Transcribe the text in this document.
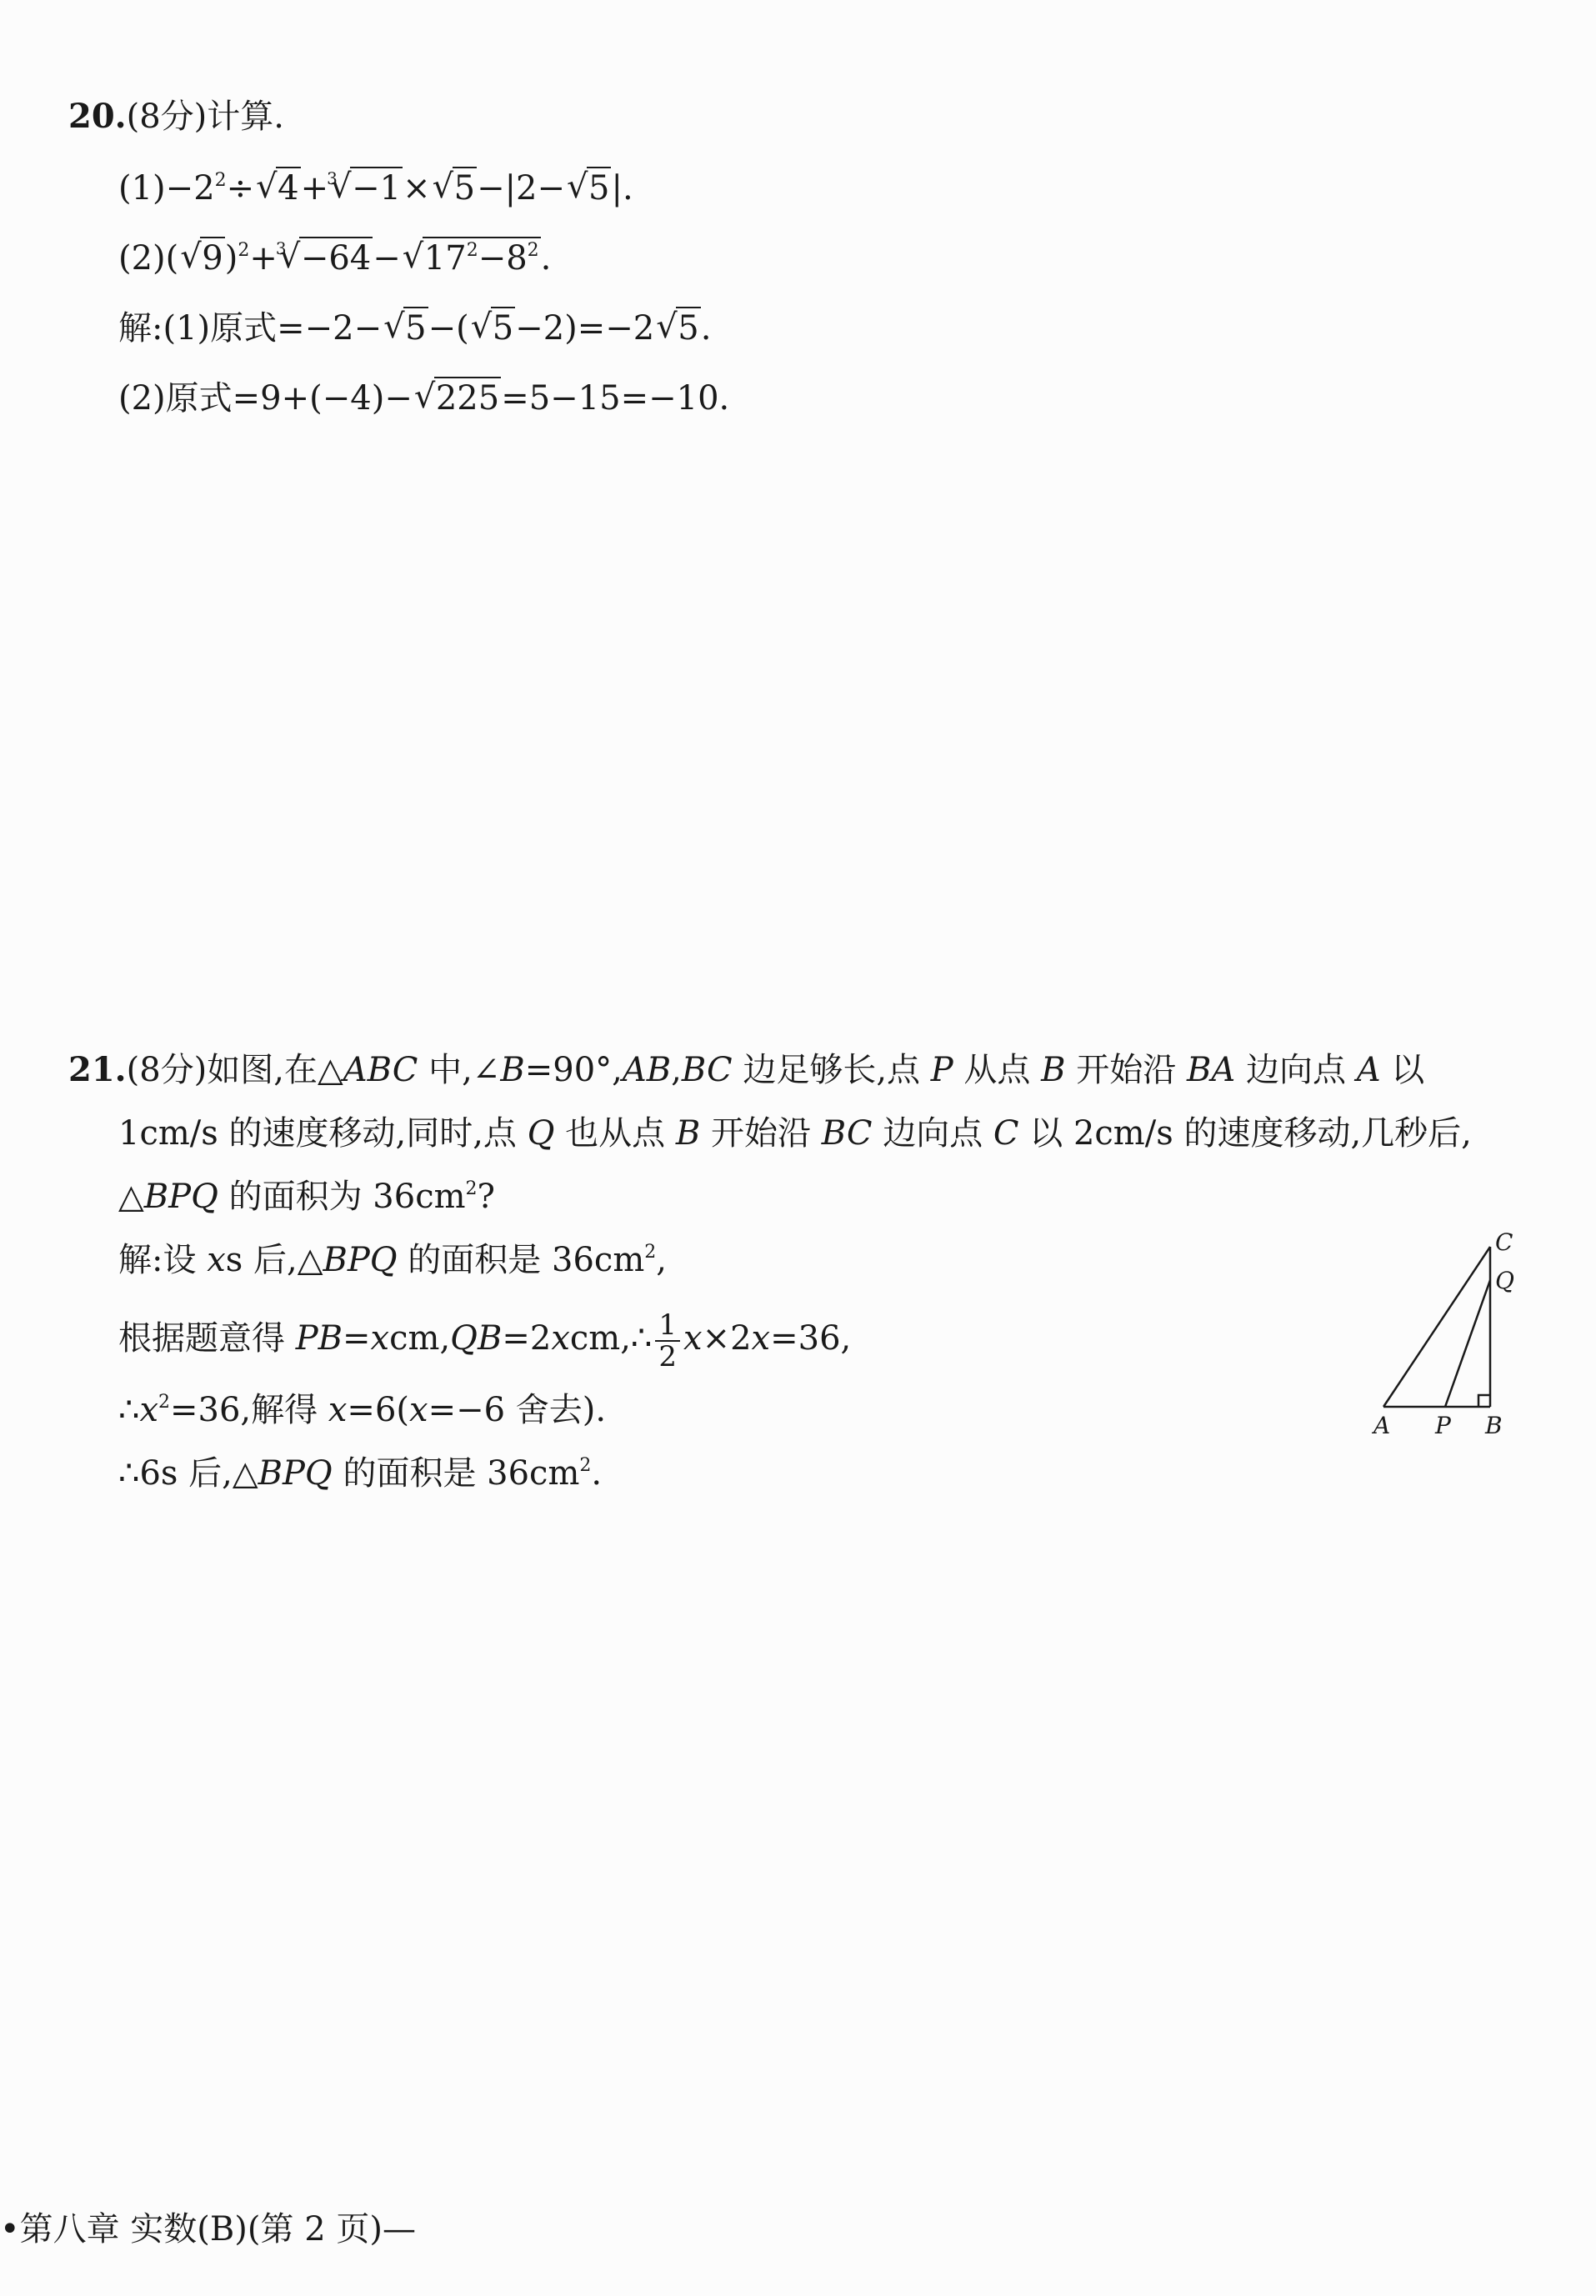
20.(8分)计算.
$(1)-2^2\div√$ 4+
√ 3 −1×√ 5−|2−√ 5|.
(2)(√ 9)$^2$+
√ 3 −64−√ $17^2-8^2$.
解:(1)原式=−2−√ 5−(√ 5−2)=−2√ 5.
(2)原式=9+(−4)−√ 225=5−15=−10.
21.(8分)如图,在△ABC 中,∠B=90°,AB,BC 边足够长,点 P 从点 B 开始沿 BA 边向点 A 以
1cm/s 的速度移动,同时,点 Q 也从点 B 开始沿 BC 边向点 C 以 2cm/s 的速度移动,几秒后,
△BPQ 的面积为 $36cm^2$?
解:设 xs 后,△BPQ 的面积是 $36cm^2$,
根据题意得 PB=xcm,QB=2xcm,∴ $\frac{1}{2} x\times 2x=36$,
$\therefore x^2=36$,解得 x=6(x=−6 舍去).
∴6s 后,△BPQ 的面积是 $36cm^2$.
A P B
C
Q
•第八章 实数(B)(第 2 页)—
